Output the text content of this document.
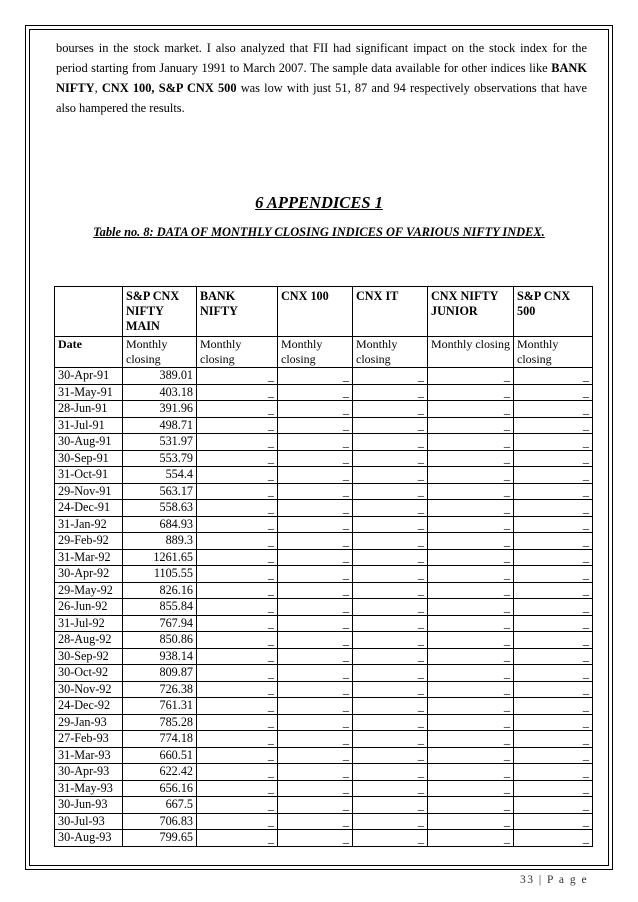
bourses in the stock market. I also analyzed that FII had significant impact on the stock index for the period starting from January 1991 to March 2007. The sample data available for other indices like BANK NIFTY, CNX 100, S&P CNX 500 was low with just 51, 87 and 94 respectively observations that have also hampered the results.
6 APPENDICES 1
Table no. 8: DATA OF MONTHLY CLOSING INDICES OF VARIOUS NIFTY INDEX.
	S&P CNX NIFTY MAIN	BANK NIFTY	CNX 100	CNX IT	CNX NIFTY JUNIOR	S&P CNX 500
Date	Monthly closing	Monthly closing	Monthly closing	Monthly closing	Monthly closing	Monthly closing
30-Apr-91	389.01	_	_	_	_	_
31-May-91	403.18	_	_	_	_	_
28-Jun-91	391.96	_	_	_	_	_
31-Jul-91	498.71	_	_	_	_	_
30-Aug-91	531.97	_	_	_	_	_
30-Sep-91	553.79	_	_	_	_	_
31-Oct-91	554.4	_	_	_	_	_
29-Nov-91	563.17	_	_	_	_	_
24-Dec-91	558.63	_	_	_	_	_
31-Jan-92	684.93	_	_	_	_	_
29-Feb-92	889.3	_	_	_	_	_
31-Mar-92	1261.65	_	_	_	_	_
30-Apr-92	1105.55	_	_	_	_	_
29-May-92	826.16	_	_	_	_	_
26-Jun-92	855.84	_	_	_	_	_
31-Jul-92	767.94	_	_	_	_	_
28-Aug-92	850.86	_	_	_	_	_
30-Sep-92	938.14	_	_	_	_	_
30-Oct-92	809.87	_	_	_	_	_
30-Nov-92	726.38	_	_	_	_	_
24-Dec-92	761.31	_	_	_	_	_
29-Jan-93	785.28	_	_	_	_	_
27-Feb-93	774.18	_	_	_	_	_
31-Mar-93	660.51	_	_	_	_	_
30-Apr-93	622.42	_	_	_	_	_
31-May-93	656.16	_	_	_	_	_
30-Jun-93	667.5	_	_	_	_	_
30-Jul-93	706.83	_	_	_	_	_
30-Aug-93	799.65	_	_	_	_	_
33 | P a g e
